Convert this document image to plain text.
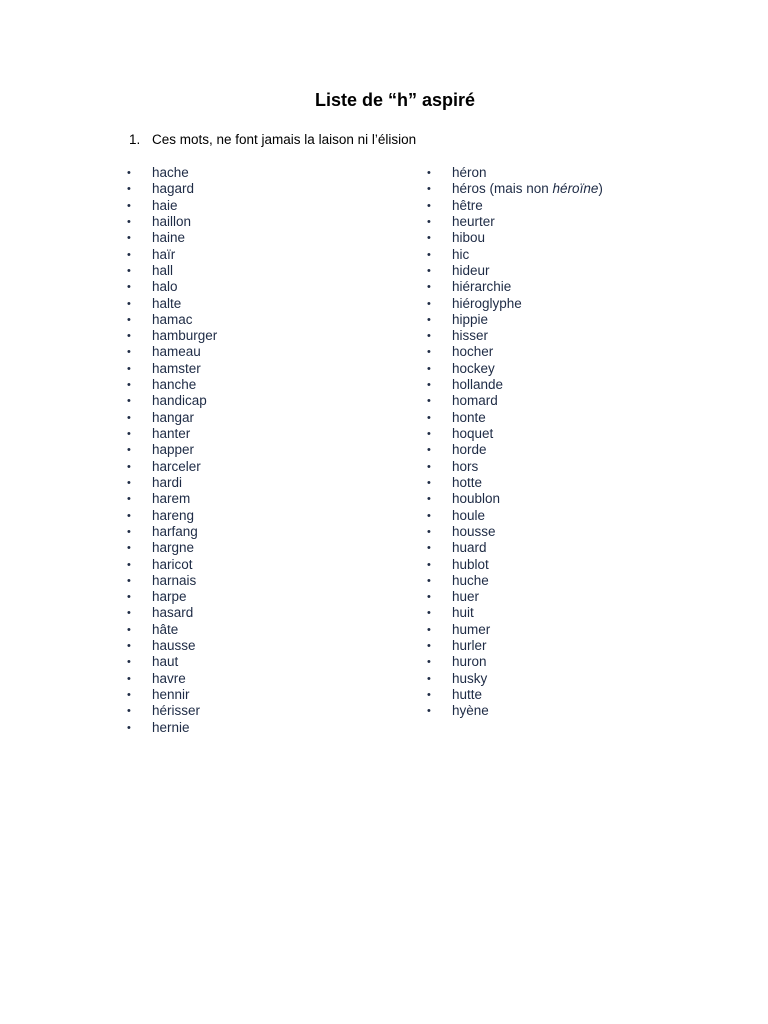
Liste de “h” aspiré
1. Ces mots, ne font jamais la laison ni l’élision
•	hache
•	hagard
•	haie
•	haillon
•	haine
•	haïr
•	hall
•	halo
•	halte
•	hamac
•	hamburger
•	hameau
•	hamster
•	hanche
•	handicap
•	hangar
•	hanter
•	happer
•	harceler
•	hardi
•	harem
•	hareng
•	harfang
•	hargne
•	haricot
•	harnais
•	harpe
•	hasard
•	hâte
•	hausse
•	haut
•	havre
•	hennir
•	hérisser
•	hernie
•	héron
•	héros (mais non héroïne)
•	hêtre
•	heurter
•	hibou
•	hic
•	hideur
•	hiérarchie
•	hiéroglyphe
•	hippie
•	hisser
•	hocher
•	hockey
•	hollande
•	homard
•	honte
•	hoquet
•	horde
•	hors
•	hotte
•	houblon
•	houle
•	housse
•	huard
•	hublot
•	huche
•	huer
•	huit
•	humer
•	hurler
•	huron
•	husky
•	hutte
•	hyène
